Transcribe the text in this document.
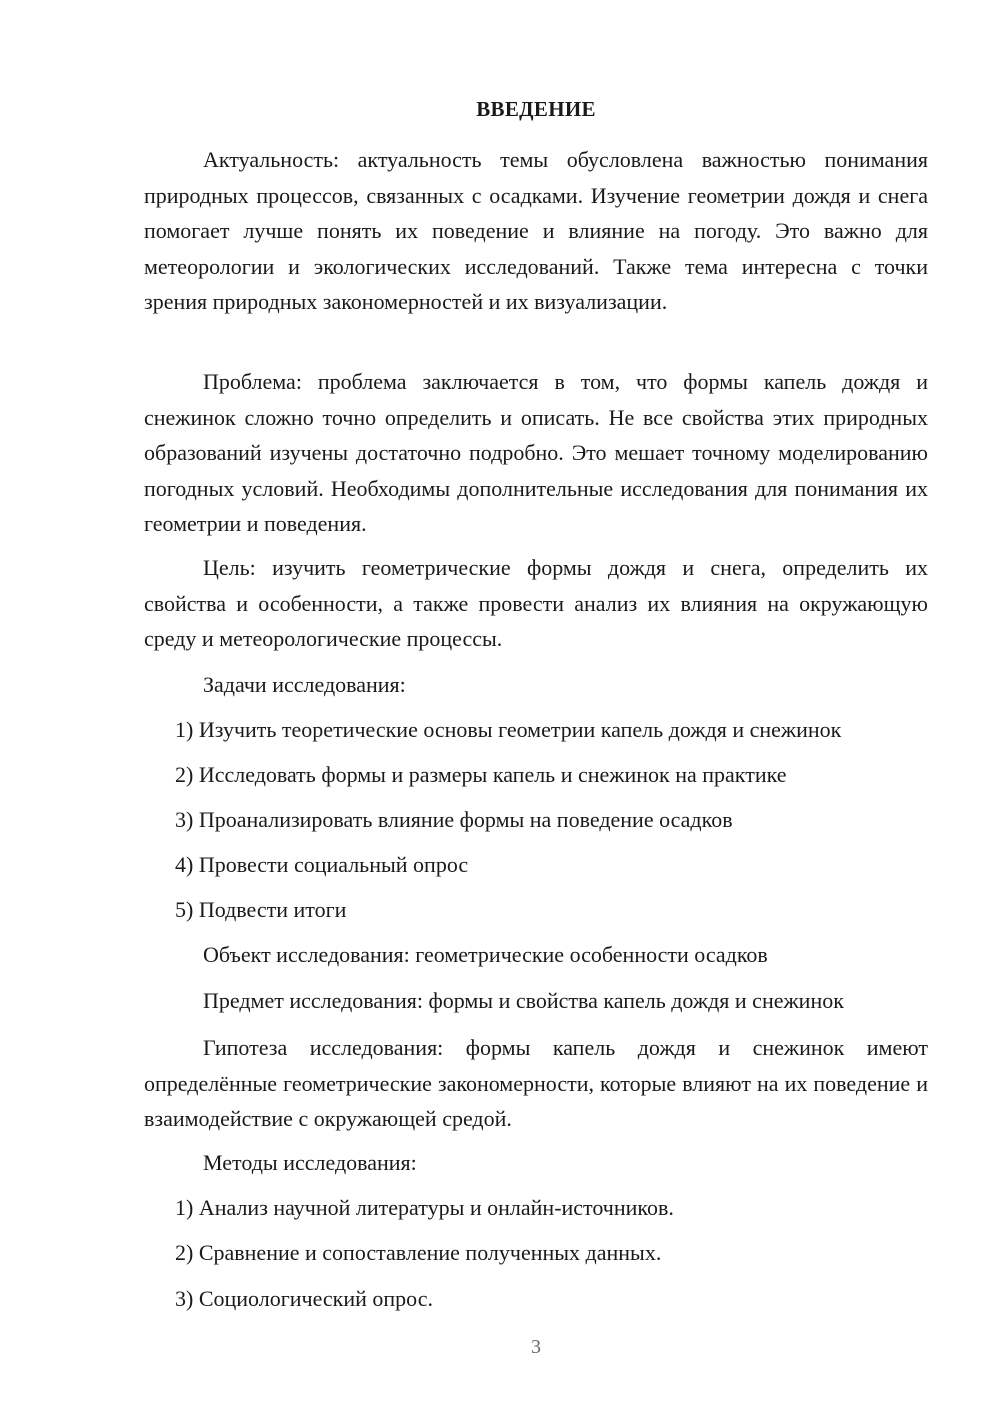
ВВЕДЕНИЕ

Актуальность: актуальность темы обусловлена важностью понимания природных процессов, связанных с осадками. Изучение геометрии дождя и снега помогает лучше понять их поведение и влияние на погоду. Это важно для метеорологии и экологических исследований. Также тема интересна с точки зрения природных закономерностей и их визуализации.

Проблема: проблема заключается в том, что формы капель дождя и снежинок сложно точно определить и описать. Не все свойства этих природных образований изучены достаточно подробно. Это мешает точному моделированию погодных условий. Необходимы дополнительные исследования для понимания их геометрии и поведения.

Цель: изучить геометрические формы дождя и снега, определить их свойства и особенности, а также провести анализ их влияния на окружающую среду и метеорологические процессы.

Задачи исследования:
1) Изучить теоретические основы геометрии капель дождя и снежинок
2) Исследовать формы и размеры капель и снежинок на практике
3) Проанализировать влияние формы на поведение осадков
4) Провести социальный опрос
5) Подвести итоги
Объект исследования: геометрические особенности осадков
Предмет исследования: формы и свойства капель дождя и снежинок

Гипотеза исследования: формы капель дождя и снежинок имеют определённые геометрические закономерности, которые влияют на их поведение и взаимодействие с окружающей средой.

Методы исследования:
1) Анализ научной литературы и онлайн-источников.
2) Сравнение и сопоставление полученных данных.
3) Социологический опрос.
3
